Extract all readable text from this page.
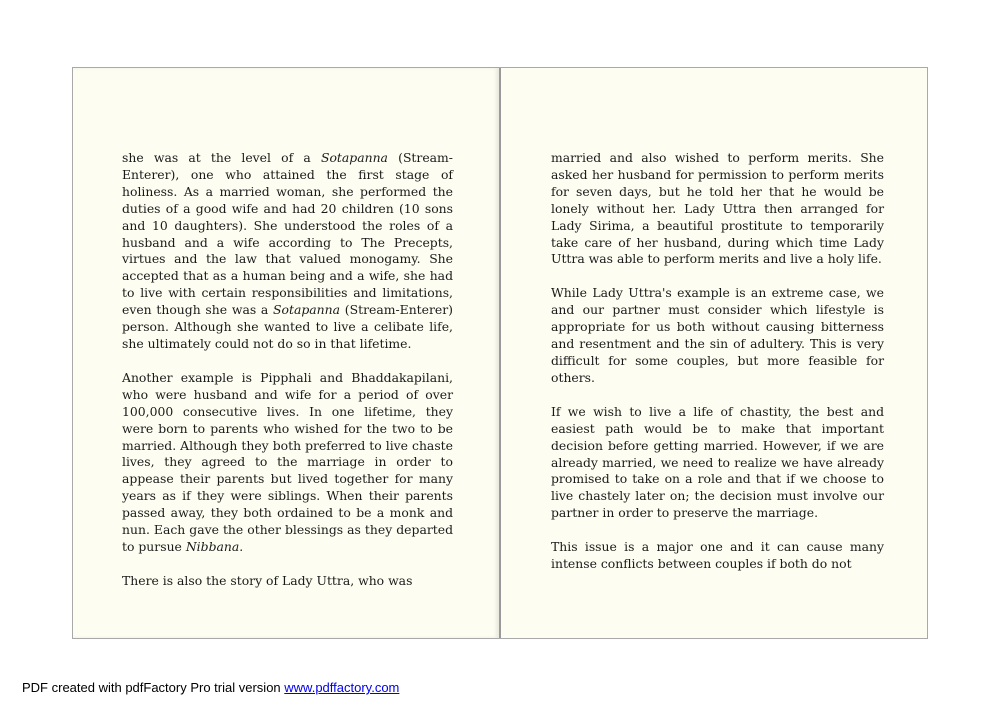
she was at the level of a Sotapanna (Stream-Enterer), one who attained the first stage of holiness. As a married woman, she performed the duties of a good wife and had 20 children (10 sons and 10 daughters). She understood the roles of a husband and a wife according to The Precepts, virtues and the law that valued monogamy. She accepted that as a human being and a wife, she had to live with certain responsibilities and limitations, even though she was a Sotapanna (Stream-Enterer) person. Although she wanted to live a celibate life, she ultimately could not do so in that lifetime.

Another example is Pipphali and Bhaddakapilani, who were husband and wife for a period of over 100,000 consecutive lives. In one lifetime, they were born to parents who wished for the two to be married. Although they both preferred to live chaste lives, they agreed to the marriage in order to appease their parents but lived together for many years as if they were siblings. When their parents passed away, they both ordained to be a monk and nun. Each gave the other blessings as they departed to pursue Nibbana.

There is also the story of Lady Uttra, who was

married and also wished to perform merits. She asked her husband for permission to perform merits for seven days, but he told her that he would be lonely without her. Lady Uttra then arranged for Lady Sirima, a beautiful prostitute to temporarily take care of her husband, during which time Lady Uttra was able to perform merits and live a holy life.

While Lady Uttra's example is an extreme case, we and our partner must consider which lifestyle is appropriate for us both without causing bitterness and resentment and the sin of adultery. This is very difficult for some couples, but more feasible for others.

If we wish to live a life of chastity, the best and easiest path would be to make that important decision before getting married. However, if we are already married, we need to realize we have already promised to take on a role and that if we choose to live chastely later on; the decision must involve our partner in order to preserve the marriage.

This issue is a major one and it can cause many intense conflicts between couples if both do not

PDF created with pdfFactory Pro trial version www.pdffactory.com
